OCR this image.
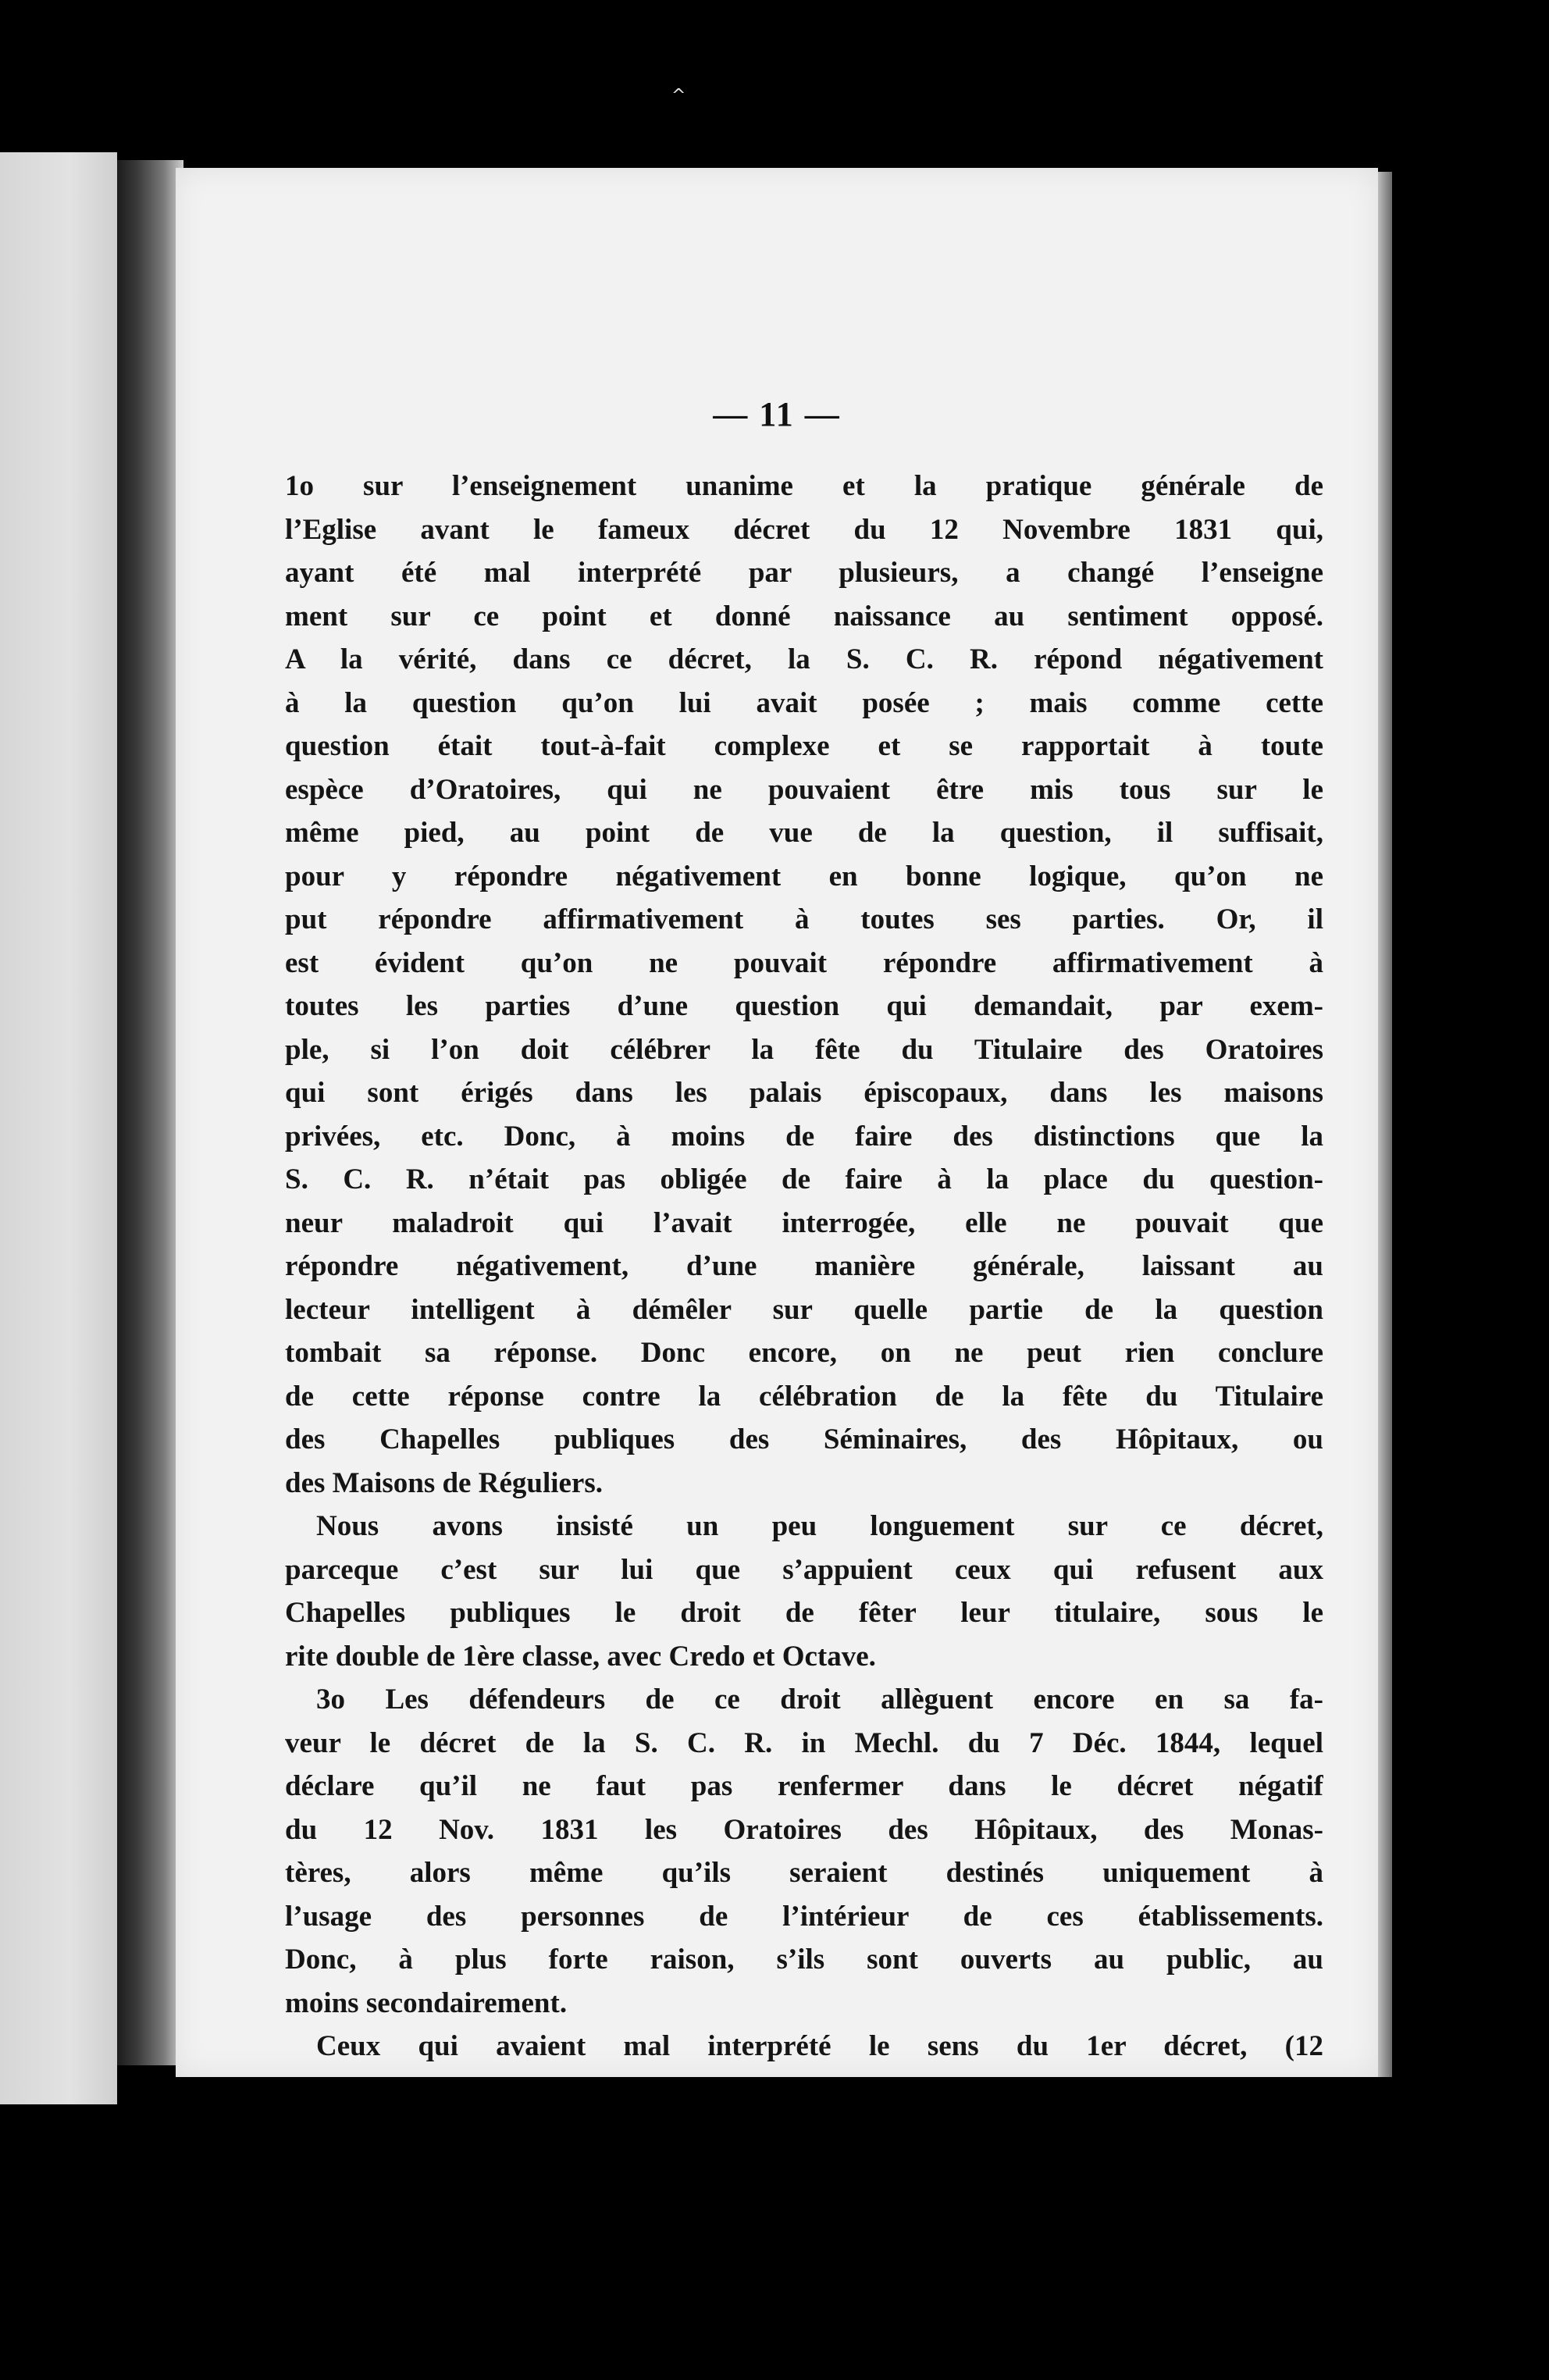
^
— 11 —
1o sur l’enseignement unanime et la pratique générale de
l’Eglise avant le fameux décret du 12 Novembre 1831 qui,
ayant été mal interprété par plusieurs, a changé l’enseigne
ment sur ce point et donné naissance au sentiment opposé.
A la vérité, dans ce décret, la S. C. R. répond négativement
à la question qu’on lui avait posée ; mais comme cette
question était tout-à-fait complexe et se rapportait à toute
espèce d’Oratoires, qui ne pouvaient être mis tous sur le
même pied, au point de vue de la question, il suffisait,
pour y répondre négativement en bonne logique, qu’on ne
put répondre affirmativement à toutes ses parties. Or, il
est évident qu’on ne pouvait répondre affirmativement à
toutes les parties d’une question qui demandait, par exem-
ple, si l’on doit célébrer la fête du Titulaire des Oratoires
qui sont érigés dans les palais épiscopaux, dans les maisons
privées, etc. Donc, à moins de faire des distinctions que la
S. C. R. n’était pas obligée de faire à la place du question-
neur maladroit qui l’avait interrogée, elle ne pouvait que
répondre négativement, d’une manière générale, laissant au
lecteur intelligent à démêler sur quelle partie de la question
tombait sa réponse. Donc encore, on ne peut rien conclure
de cette réponse contre la célébration de la fête du Titulaire
des Chapelles publiques des Séminaires, des Hôpitaux, ou
des Maisons de Réguliers.
Nous avons insisté un peu longuement sur ce décret,
parceque c’est sur lui que s’appuient ceux qui refusent aux
Chapelles publiques le droit de fêter leur titulaire, sous le
rite double de 1ère classe, avec Credo et Octave.
3o Les défendeurs de ce droit allèguent encore en sa fa-
veur le décret de la S. C. R. in Mechl. du 7 Déc. 1844, lequel
déclare qu’il ne faut pas renfermer dans le décret négatif
du 12 Nov. 1831 les Oratoires des Hôpitaux, des Monas-
tères, alors même qu’ils seraient destinés uniquement à
l’usage des personnes de l’intérieur de ces établissements.
Donc, à plus forte raison, s’ils sont ouverts au public, au
moins secondairement.
Ceux qui avaient mal interprété le sens du 1er décret, (12
